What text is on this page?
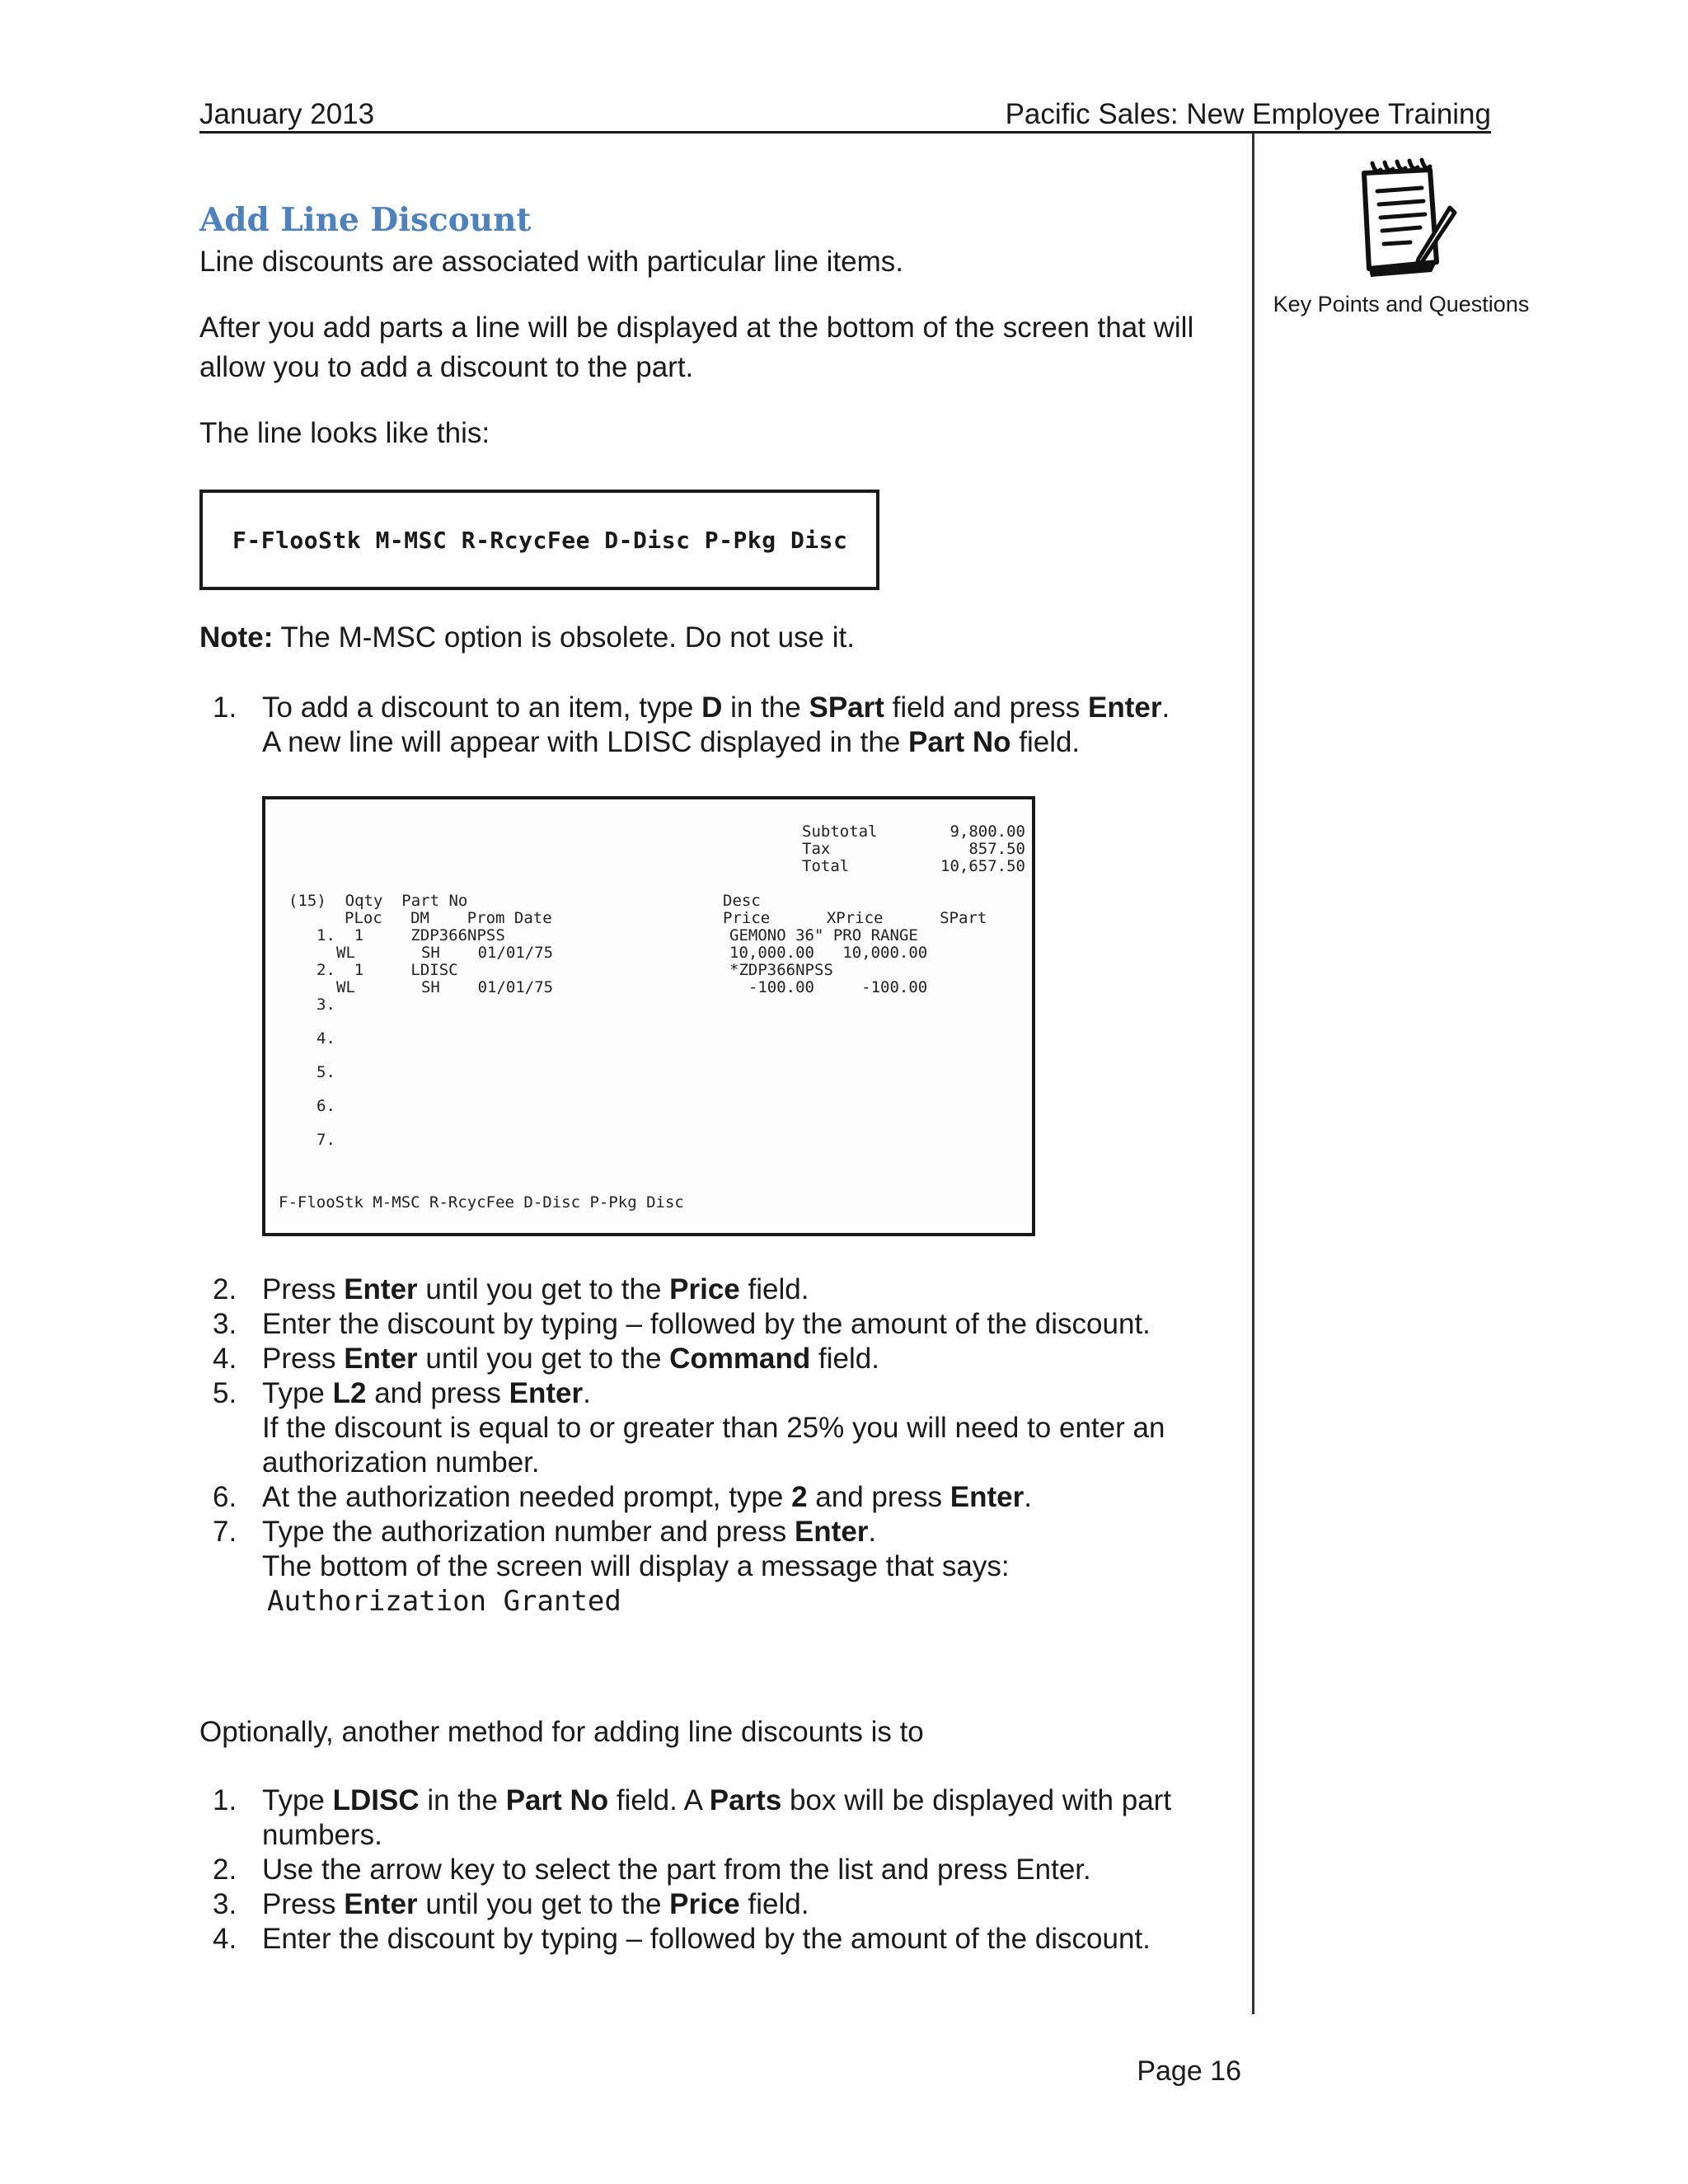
January 2013	Pacific Sales: New Employee Training
Key Points and Questions
Add Line Discount

Line discounts are associated with particular line items.

After you add parts a line will be displayed at the bottom of the screen that will allow you to add a discount to the part.

The line looks like this:

F-FlooStk M-MSC R-RcycFee D-Disc P-Pkg Disc
Note: The M-MSC option is obsolete. Do not use it.
1. To add a discount to an item, type D in the SPart field and press Enter.
A new line will appear with LDISC displayed in the Part No field.
Subtotal	9,800.00
Tax	857.50
Total	10,657.50
(15)  Oqty  Part No	Desc
PLoc   DM    Prom Date	Price      XPrice      SPart
1.  1     ZDP366NPSS	GEMONO 36" PRO RANGE
WL       SH    01/01/75	10,000.00   10,000.00
2.  1     LDISC	*ZDP366NPSS
WL       SH    01/01/75	-100.00     -100.00
3.
4.
5.
6.
7.
F-FlooStk M-MSC R-RcycFee D-Disc P-Pkg Disc
2. Press Enter until you get to the Price field.
3. Enter the discount by typing – followed by the amount of the discount.
4. Press Enter until you get to the Command field.
5. Type L2 and press Enter.
If the discount is equal to or greater than 25% you will need to enter an authorization number.
6. At the authorization needed prompt, type 2 and press Enter.
7. Type the authorization number and press Enter.
The bottom of the screen will display a message that says:
Authorization Granted
Optionally, another method for adding line discounts is to
1. Type LDISC in the Part No field. A Parts box will be displayed with part numbers.
2. Use the arrow key to select the part from the list and press Enter.
3. Press Enter until you get to the Price field.
4. Enter the discount by typing – followed by the amount of the discount.
Page 16
